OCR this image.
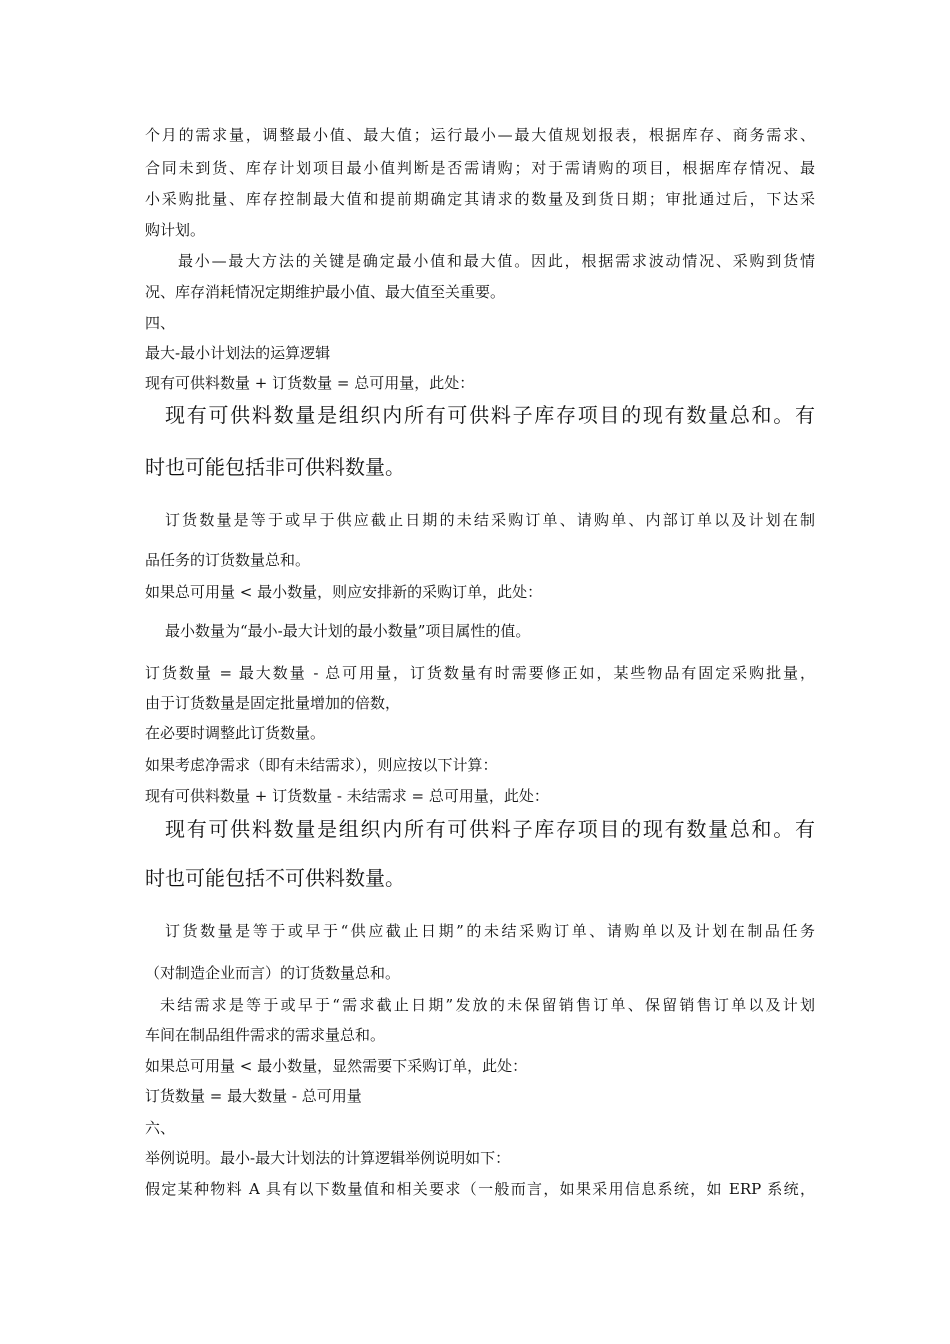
个月的需求量，调整最小值、最大值；运行最小—最大值规划报表，根据库存、商务需求、
合同未到货、库存计划项目最小值判断是否需请购；对于需请购的项目，根据库存情况、最
小采购批量、库存控制最大值和提前期确定其请求的数量及到货日期；审批通过后，下达采
购计划。
最小—最大方法的关键是确定最小值和最大值。因此，根据需求波动情况、采购到货情
况、库存消耗情况定期维护最小值、最大值至关重要。
四、
最大-最小计划法的运算逻辑
现有可供料数量 + 订货数量 = 总可用量，此处：
现有可供料数量是组织内所有可供料子库存项目的现有数量总和。有
时也可能包括非可供料数量。
订货数量是等于或早于供应截止日期的未结采购订单、请购单、内部订单以及计划在制
品任务的订货数量总和。
如果总可用量 < 最小数量，则应安排新的采购订单，此处：
最小数量为“最小-最大计划的最小数量”项目属性的值。
订货数量 = 最大数量 - 总可用量，订货数量有时需要修正如，某些物品有固定采购批量，
由于订货数量是固定批量增加的倍数，
在必要时调整此订货数量。
如果考虑净需求（即有未结需求），则应按以下计算：
现有可供料数量 + 订货数量 - 未结需求 = 总可用量，此处：
现有可供料数量是组织内所有可供料子库存项目的现有数量总和。有
时也可能包括不可供料数量。
订货数量是等于或早于“供应截止日期”的未结采购订单、请购单以及计划在制品任务
（对制造企业而言）的订货数量总和。
未结需求是等于或早于“需求截止日期”发放的未保留销售订单、保留销售订单以及计划
车间在制品组件需求的需求量总和。
如果总可用量 < 最小数量，显然需要下采购订单，此处：
订货数量 = 最大数量 - 总可用量
六、
举例说明。最小-最大计划法的计算逻辑举例说明如下：
假定某种物料 A 具有以下数量值和相关要求（一般而言，如果采用信息系统，如 ERP 系统，
